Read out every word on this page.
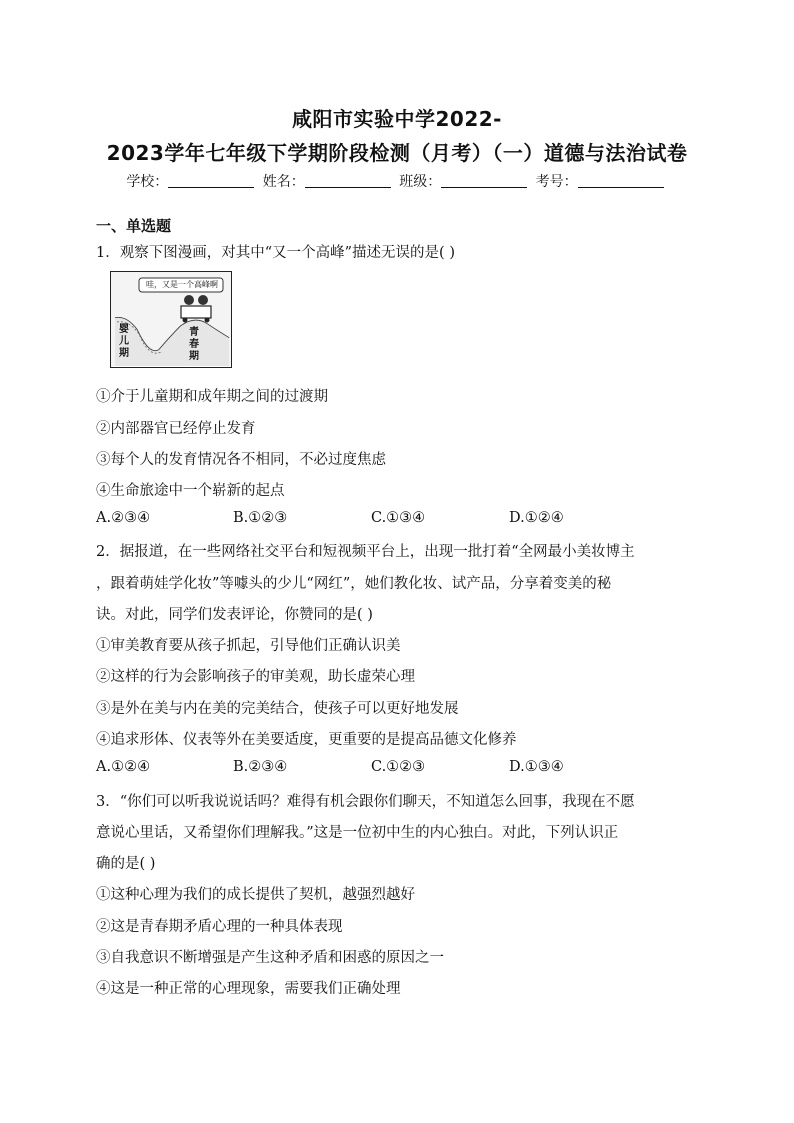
咸阳市实验中学2022-
2023学年七年级下学期阶段检测（月考）（一）道德与法治试卷
学校：	姓名：	班级：	考号：
一、单选题
1．观察下图漫画，对其中“又一个高峰”描述无误的是( )
哇，又是一个高峰啊
婴儿期
青春期
①介于儿童期和成年期之间的过渡期
②内部器官已经停止发育
③每个人的发育情况各不相同，不必过度焦虑
④生命旅途中一个崭新的起点
A.②③④	B.①②③	C.①③④	D.①②④
2．据报道，在一些网络社交平台和短视频平台上，出现一批打着“全网最小美妆博主
，跟着萌娃学化妆”等噱头的少儿“网红”，她们教化妆、试产品，分享着变美的秘
诀。对此，同学们发表评论，你赞同的是( )
①审美教育要从孩子抓起，引导他们正确认识美
②这样的行为会影响孩子的审美观，助长虚荣心理
③是外在美与内在美的完美结合，使孩子可以更好地发展
④追求形体、仪表等外在美要适度，更重要的是提高品德文化修养
A.①②④	B.②③④	C.①②③	D.①③④
3．“你们可以听我说说话吗？难得有机会跟你们聊天，不知道怎么回事，我现在不愿
意说心里话，又希望你们理解我。”这是一位初中生的内心独白。对此，下列认识正
确的是( )
①这种心理为我们的成长提供了契机，越强烈越好
②这是青春期矛盾心理的一种具体表现
③自我意识不断增强是产生这种矛盾和困惑的原因之一
④这是一种正常的心理现象，需要我们正确处理
